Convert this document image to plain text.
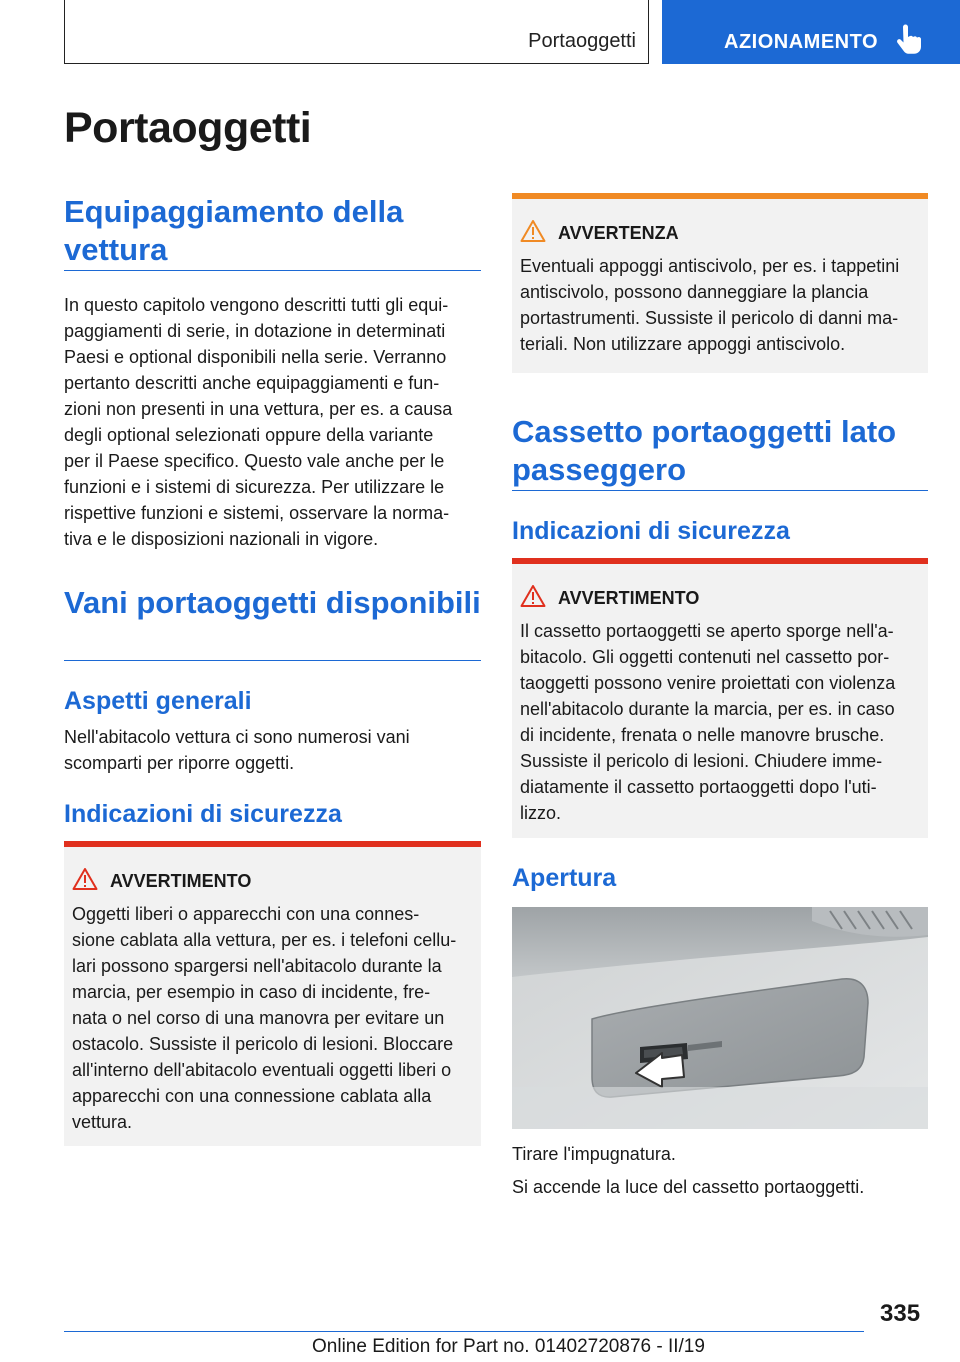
Portaoggetti	AZIONAMENTO
Portaoggetti
Equipaggiamento della vettura
In questo capitolo vengono descritti tutti gli equi-
paggiamenti di serie, in dotazione in determinati
Paesi e optional disponibili nella serie. Verranno
pertanto descritti anche equipaggiamenti e fun-
zioni non presenti in una vettura, per es. a causa
degli optional selezionati oppure della variante
per il Paese specifico. Questo vale anche per le
funzioni e i sistemi di sicurezza. Per utilizzare le
rispettive funzioni e sistemi, osservare la norma-
tiva e le disposizioni nazionali in vigore.
Vani portaoggetti disponibili
Aspetti generali
Nell'abitacolo vettura ci sono numerosi vani
scomparti per riporre oggetti.
Indicazioni di sicurezza
AVVERTIMENTO
Oggetti liberi o apparecchi con una connes-
sione cablata alla vettura, per es. i telefoni cellu-
lari possono spargersi nell'abitacolo durante la
marcia, per esempio in caso di incidente, fre-
nata o nel corso di una manovra per evitare un
ostacolo. Sussiste il pericolo di lesioni. Bloccare
all'interno dell'abitacolo eventuali oggetti liberi o
apparecchi con una connessione cablata alla
vettura.
AVVERTENZA
Eventuali appoggi antiscivolo, per es. i tappetini
antiscivolo, possono danneggiare la plancia
portastrumenti. Sussiste il pericolo di danni ma-
teriali. Non utilizzare appoggi antiscivolo.
Cassetto portaoggetti lato passeggero
Indicazioni di sicurezza
AVVERTIMENTO
Il cassetto portaoggetti se aperto sporge nell'a-
bitacolo. Gli oggetti contenuti nel cassetto por-
taoggetti possono venire proiettati con violenza
nell'abitacolo durante la marcia, per es. in caso
di incidente, frenata o nelle manovre brusche.
Sussiste il pericolo di lesioni. Chiudere imme-
diatamente il cassetto portaoggetti dopo l'uti-
lizzo.
Apertura
Tirare l'impugnatura.
Si accende la luce del cassetto portaoggetti.
335
Online Edition for Part no. 01402720876 - II/19
